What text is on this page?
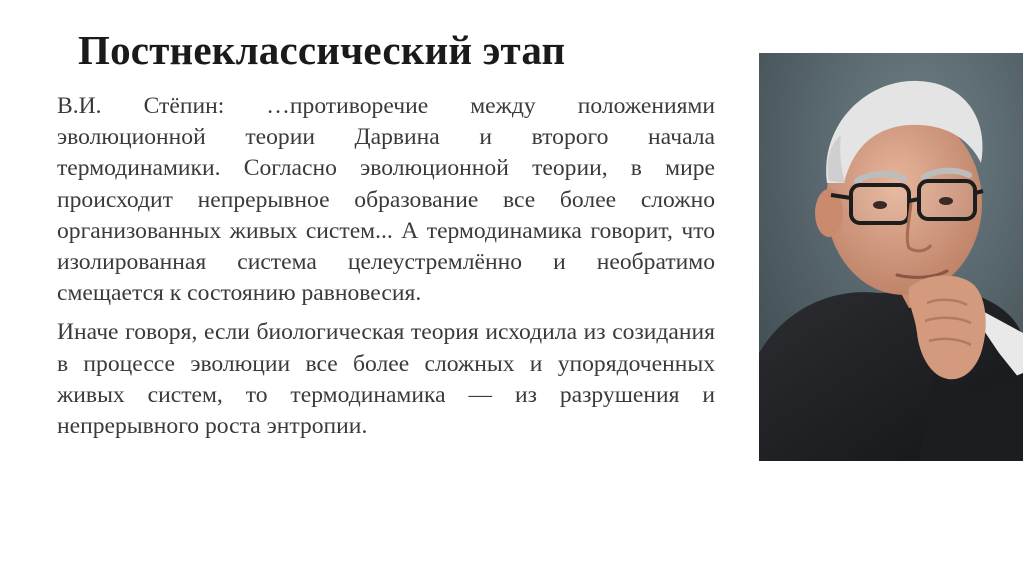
Постнеклассический этап

В.И. Стёпин: …противоречие между положениями эволюционной теории Дарвина и второго начала термодинамики. Согласно эволюционной теории, в мире происходит непрерывное образование все более сложно организованных живых систем... А термодинамика говорит, что изолированная система целеустремлённо и необратимо смещается к состоянию равновесия.

Иначе говоря, если биологическая теория исходила из созидания в процессе эволюции все более сложных и упорядоченных живых систем, то термодинамика — из разрушения и непрерывного роста энтропии.
